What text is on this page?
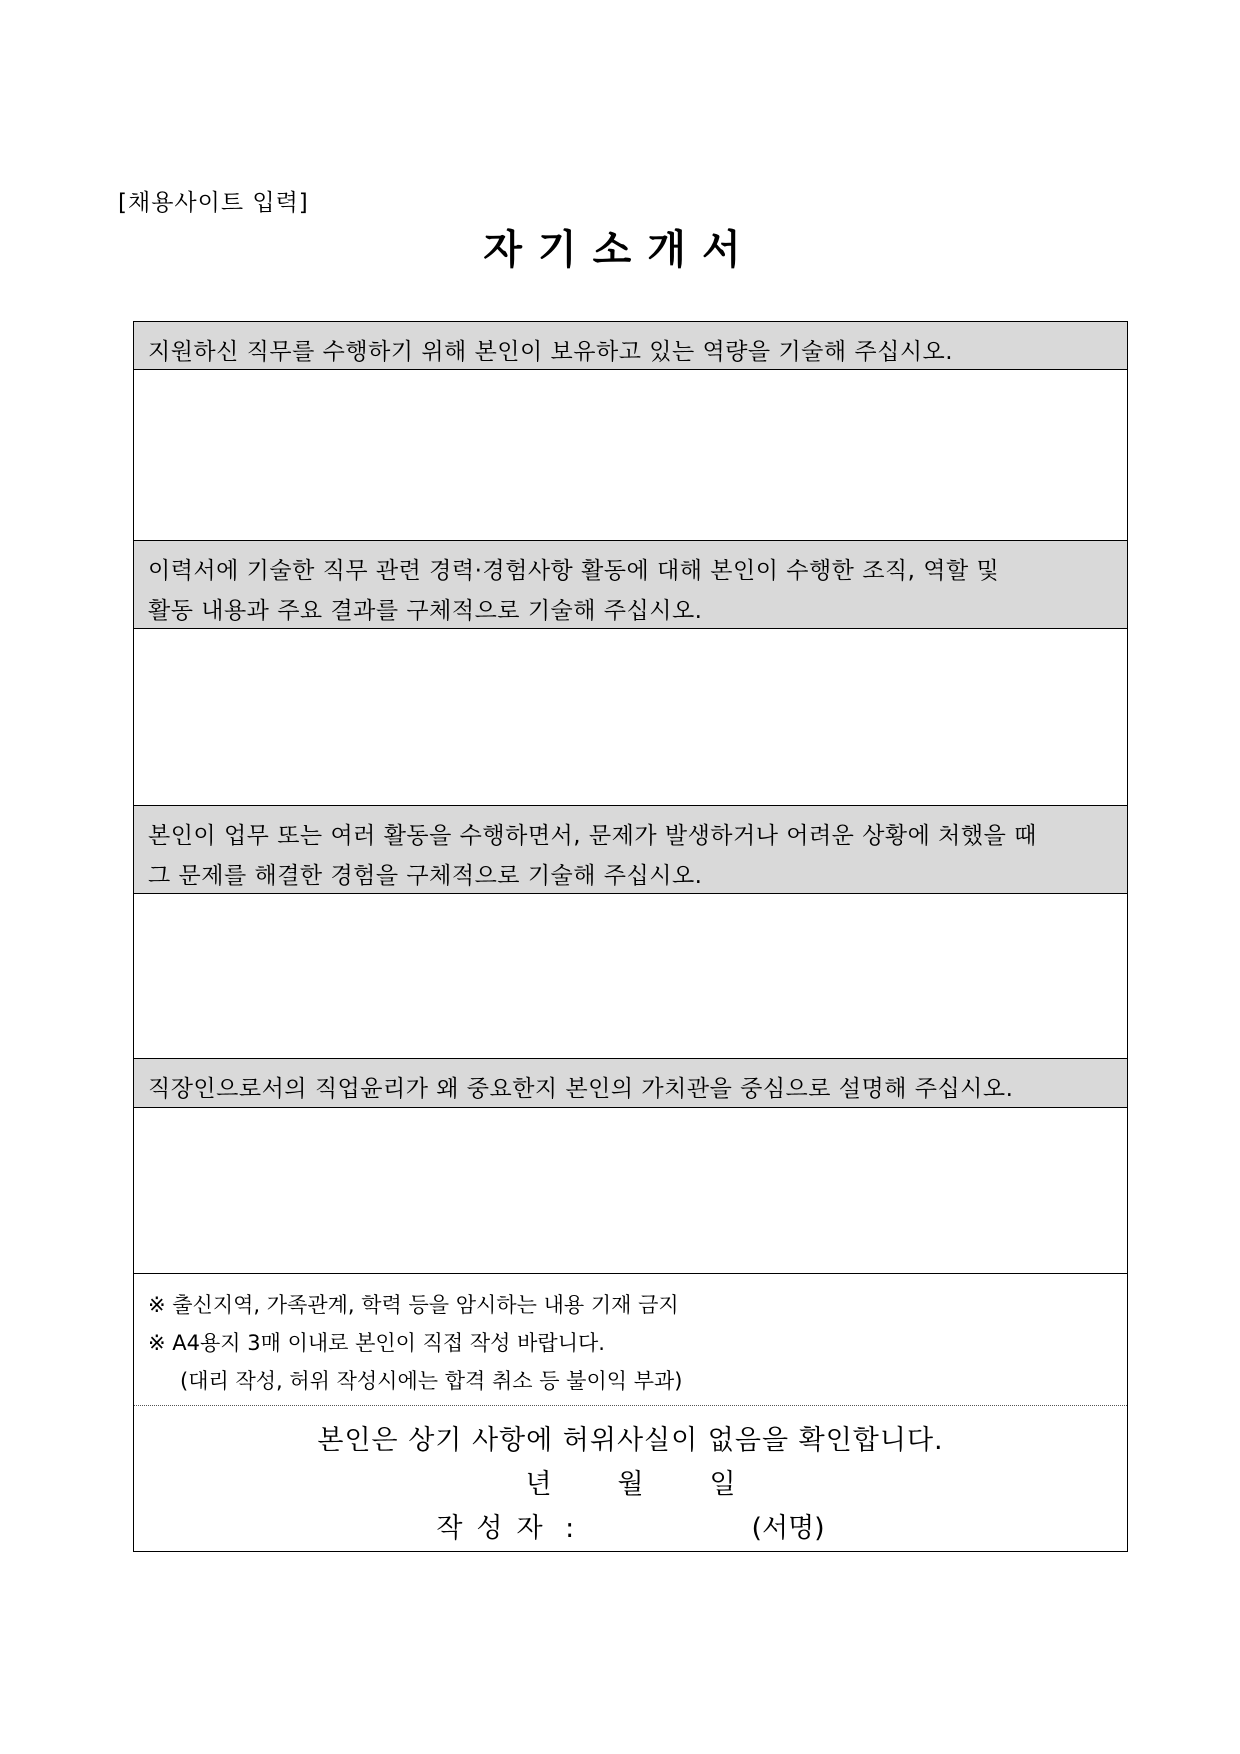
[채용사이트 입력]
자기소개서
지원하신 직무를 수행하기 위해 본인이 보유하고 있는 역량을 기술해 주십시오.
이력서에 기술한 직무 관련 경력·경험사항 활동에 대해 본인이 수행한 조직, 역할 및
활동 내용과 주요 결과를 구체적으로 기술해 주십시오.
본인이 업무 또는 여러 활동을 수행하면서, 문제가 발생하거나 어려운 상황에 처했을 때
그 문제를 해결한 경험을 구체적으로 기술해 주십시오.
직장인으로서의 직업윤리가 왜 중요한지 본인의 가치관을 중심으로 설명해 주십시오.
※ 출신지역, 가족관계, 학력 등을 암시하는 내용 기재 금지
※ A4용지 3매 이내로 본인이 직접 작성 바랍니다.
(대리 작성, 허위 작성시에는 합격 취소 등 불이익 부과)
본인은 상기 사항에 허위사실이 없음을 확인합니다.
년 월 일
작성자 :	(서명)
